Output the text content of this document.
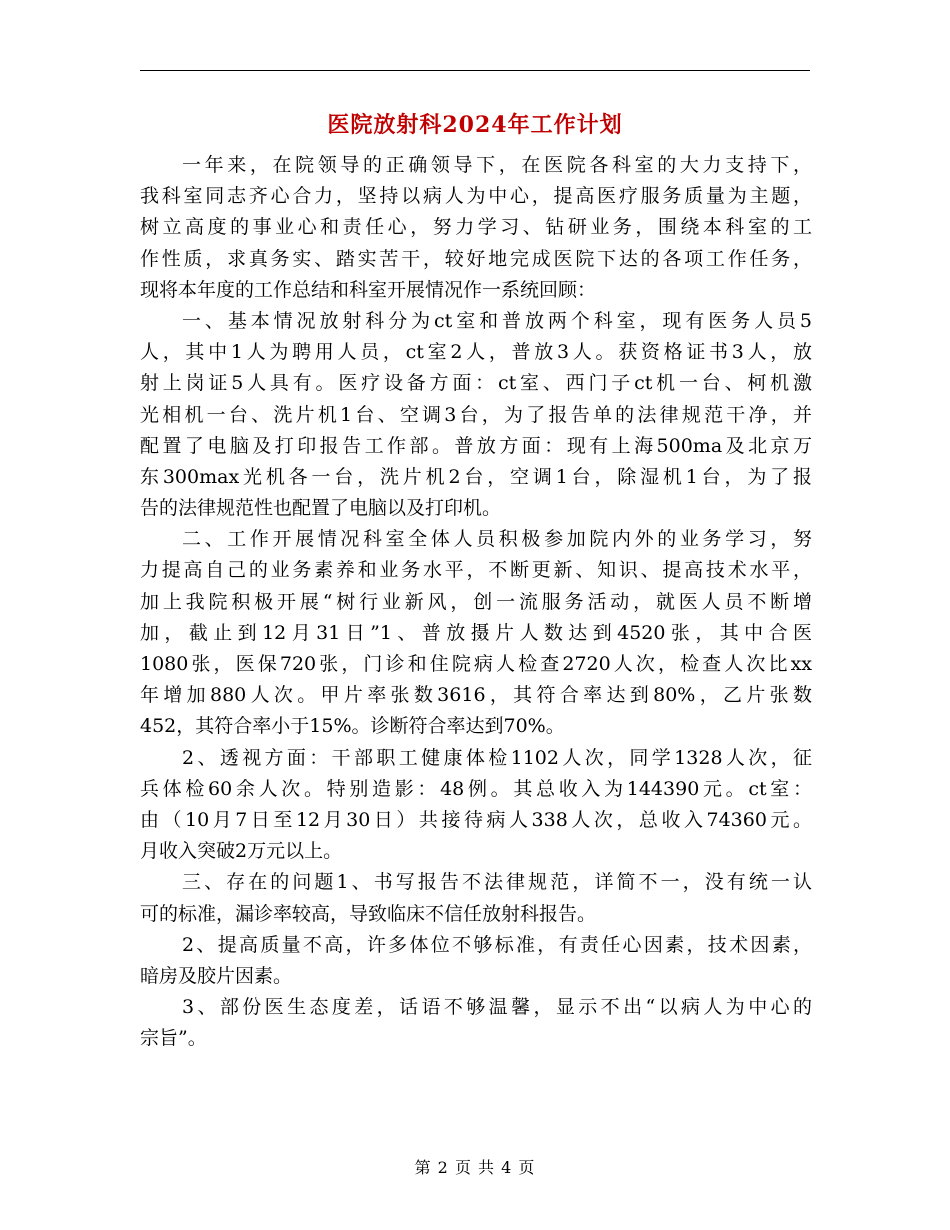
医院放射科2024年工作计划
一年来，在院领导的正确领导下，在医院各科室的大力支持下，
我科室同志齐心合力，坚持以病人为中心，提高医疗服务质量为主题，
树立高度的事业心和责任心，努力学习、钻研业务，围绕本科室的工
作性质，求真务实、踏实苦干，较好地完成医院下达的各项工作任务，
现将本年度的工作总结和科室开展情况作一系统回顾：
一、基本情况放射科分为ct室和普放两个科室，现有医务人员5
人，其中1人为聘用人员，ct室2人，普放3人。获资格证书3人，放
射上岗证5人具有。医疗设备方面：ct室、西门子ct机一台、柯机激
光相机一台、洗片机1台、空调3台，为了报告单的法律规范干净，并
配置了电脑及打印报告工作部。普放方面：现有上海500ma及北京万
东300max光机各一台，洗片机2台，空调1台，除湿机1台，为了报
告的法律规范性也配置了电脑以及打印机。
二、工作开展情况科室全体人员积极参加院内外的业务学习，努
力提高自己的业务素养和业务水平，不断更新、知识、提高技术水平，
加上我院积极开展“树行业新风，创一流服务活动，就医人员不断增
加，截止到12月31日”1、普放摄片人数达到4520张，其中合医
1080张，医保720张，门诊和住院病人检查2720人次，检查人次比xx
年增加880人次。甲片率张数3616，其符合率达到80%，乙片张数
452，其符合率小于15%。诊断符合率达到70%。
2、透视方面：干部职工健康体检1102人次，同学1328人次，征
兵体检60余人次。特别造影：48例。其总收入为144390元。ct室：
由（10月7日至12月30日）共接待病人338人次，总收入74360元。
月收入突破2万元以上。
三、存在的问题1、书写报告不法律规范，详简不一，没有统一认
可的标准，漏诊率较高，导致临床不信任放射科报告。
2、提高质量不高，许多体位不够标准，有责任心因素，技术因素，
暗房及胶片因素。
3、部份医生态度差，话语不够温馨，显示不出“以病人为中心的
宗旨”。
第 2 页 共 4 页
